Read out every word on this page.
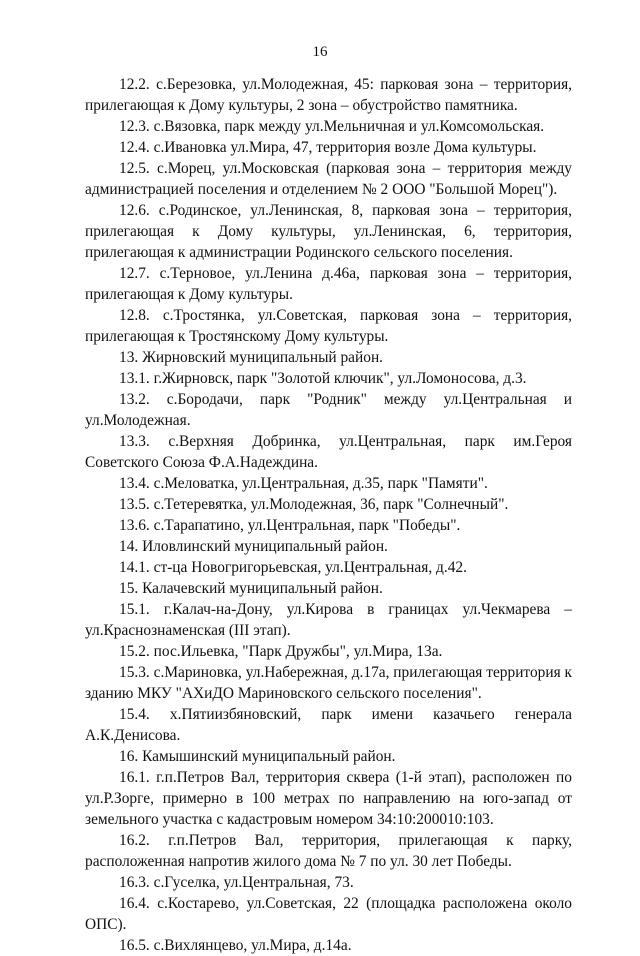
16

12.2. с.Березовка, ул.Молодежная, 45: парковая зона – территория, прилегающая к Дому культуры, 2 зона – обустройство памятника.

12.3. с.Вязовка, парк между ул.Мельничная и ул.Комсомольская.

12.4. с.Ивановка ул.Мира, 47, территория возле Дома культуры.

12.5. с.Морец, ул.Московская (парковая зона – территория между администрацией поселения и отделением № 2 ООО "Большой Морец").

12.6. с.Родинское, ул.Ленинская, 8, парковая зона – территория, прилегающая к Дому культуры, ул.Ленинская, 6, территория, прилегающая к администрации Родинского сельского поселения.

12.7. с.Терновое, ул.Ленина д.46а, парковая зона – территория, прилегающая к Дому культуры.

12.8. с.Тростянка, ул.Советская, парковая зона – территория, прилегающая к Тростянскому Дому культуры.

13. Жирновский муниципальный район.

13.1. г.Жирновск, парк "Золотой ключик", ул.Ломоносова, д.3.

13.2. с.Бородачи, парк "Родник" между ул.Центральная и ул.Молодежная.

13.3. с.Верхняя Добринка, ул.Центральная, парк им.Героя Советского Союза Ф.А.Надеждина.

13.4. с.Меловатка, ул.Центральная, д.35, парк "Памяти".

13.5. с.Тетеревятка, ул.Молодежная, 36, парк "Солнечный".

13.6. с.Тарапатино, ул.Центральная, парк "Победы".

14. Иловлинский муниципальный район.

14.1. ст-ца Новогригорьевская, ул.Центральная, д.42.

15. Калачевский муниципальный район.

15.1. г.Калач-на-Дону, ул.Кирова в границах ул.Чекмарева – ул.Краснознаменская (III этап).

15.2. пос.Ильевка, "Парк Дружбы", ул.Мира, 13а.

15.3. с.Мариновка, ул.Набережная, д.17а, прилегающая территория к зданию МКУ "АХиДО Мариновского сельского поселения".

15.4. х.Пятиизбяновский, парк имени казачьего генерала А.К.Денисова.

16. Камышинский муниципальный район.

16.1. г.п.Петров Вал, территория сквера (1-й этап), расположен по ул.Р.Зорге, примерно в 100 метрах по направлению на юго-запад от земельного участка с кадастровым номером 34:10:200010:103.

16.2. г.п.Петров Вал, территория, прилегающая к парку, расположенная напротив жилого дома № 7 по ул. 30 лет Победы.

16.3. с.Гуселка, ул.Центральная, 73.

16.4. с.Костарево, ул.Советская, 22 (площадка расположена около ОПС).

16.5. с.Вихлянцево, ул.Мира, д.14а.
